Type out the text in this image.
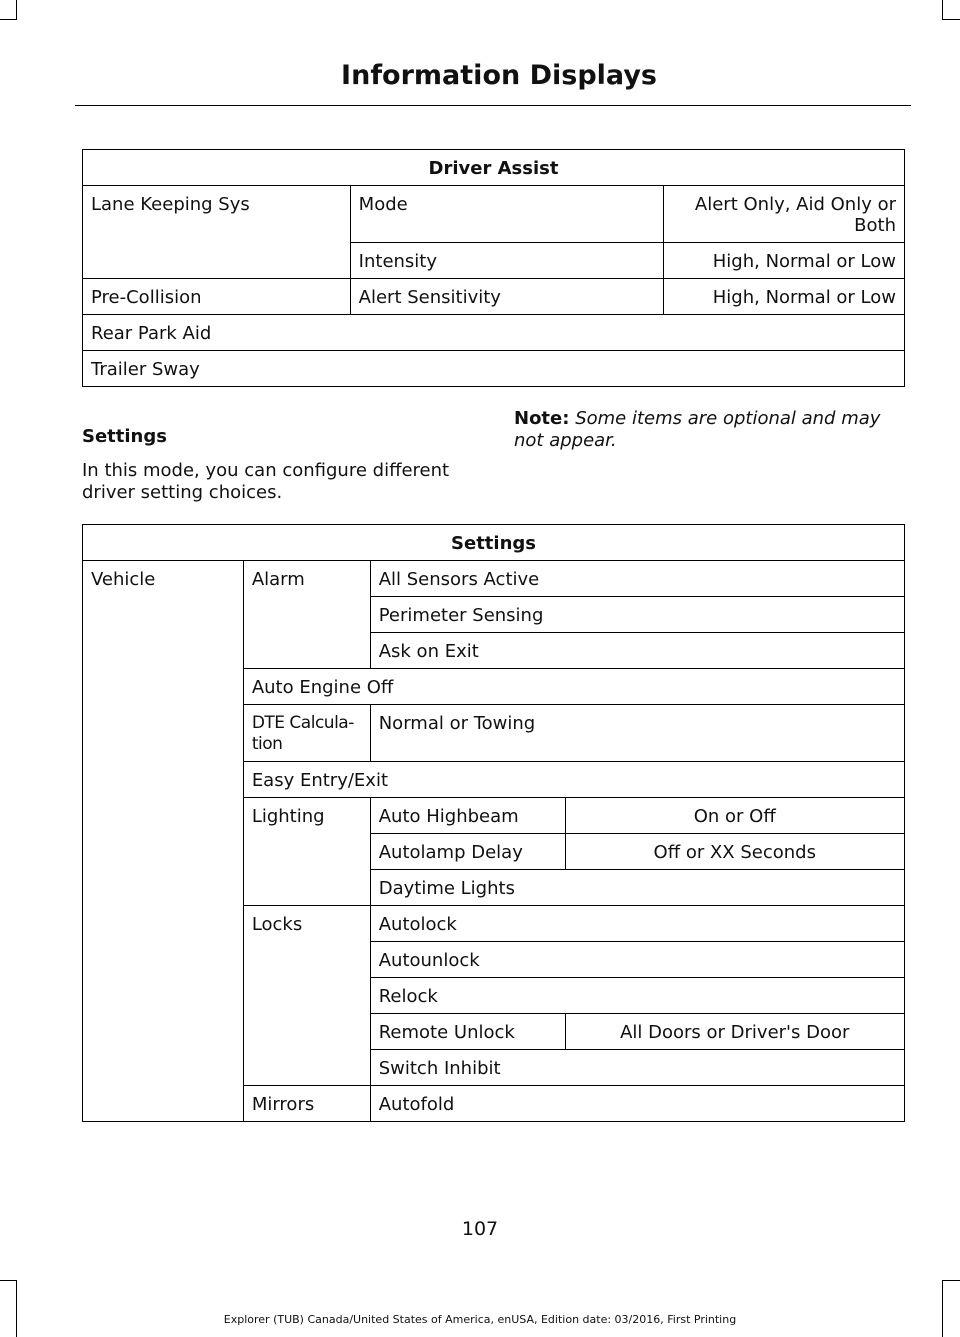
Information Displays
Driver Assist		
Lane Keeping Sys	Mode	Alert Only, Aid Only or Both

	Intensity	High, Normal or Low
Pre-Collision	Alert Sensitivity	High, Normal or Low
Rear Park Aid		
Trailer Sway		
Settings
In this mode, you can configure different driver setting choices.
Note: Some items are optional and may not appear.
Settings			
Vehicle	Alarm	All Sensors Active	
		Perimeter Sensing	
		Ask on Exit	
	Auto Engine Off		
	DTE Calcula-tion	Normal or Towing	
	Easy Entry/Exit		
	Lighting	Auto Highbeam	On or Off
		Autolamp Delay	Off or XX Seconds
		Daytime Lights	
	Locks	Autolock	
		Autounlock	
		Relock	
		Remote Unlock	All Doors or Driver's Door
		Switch Inhibit	
	Mirrors	Autofold	
107
Explorer (TUB) Canada/United States of America, enUSA, Edition date: 03/2016, First Printing
